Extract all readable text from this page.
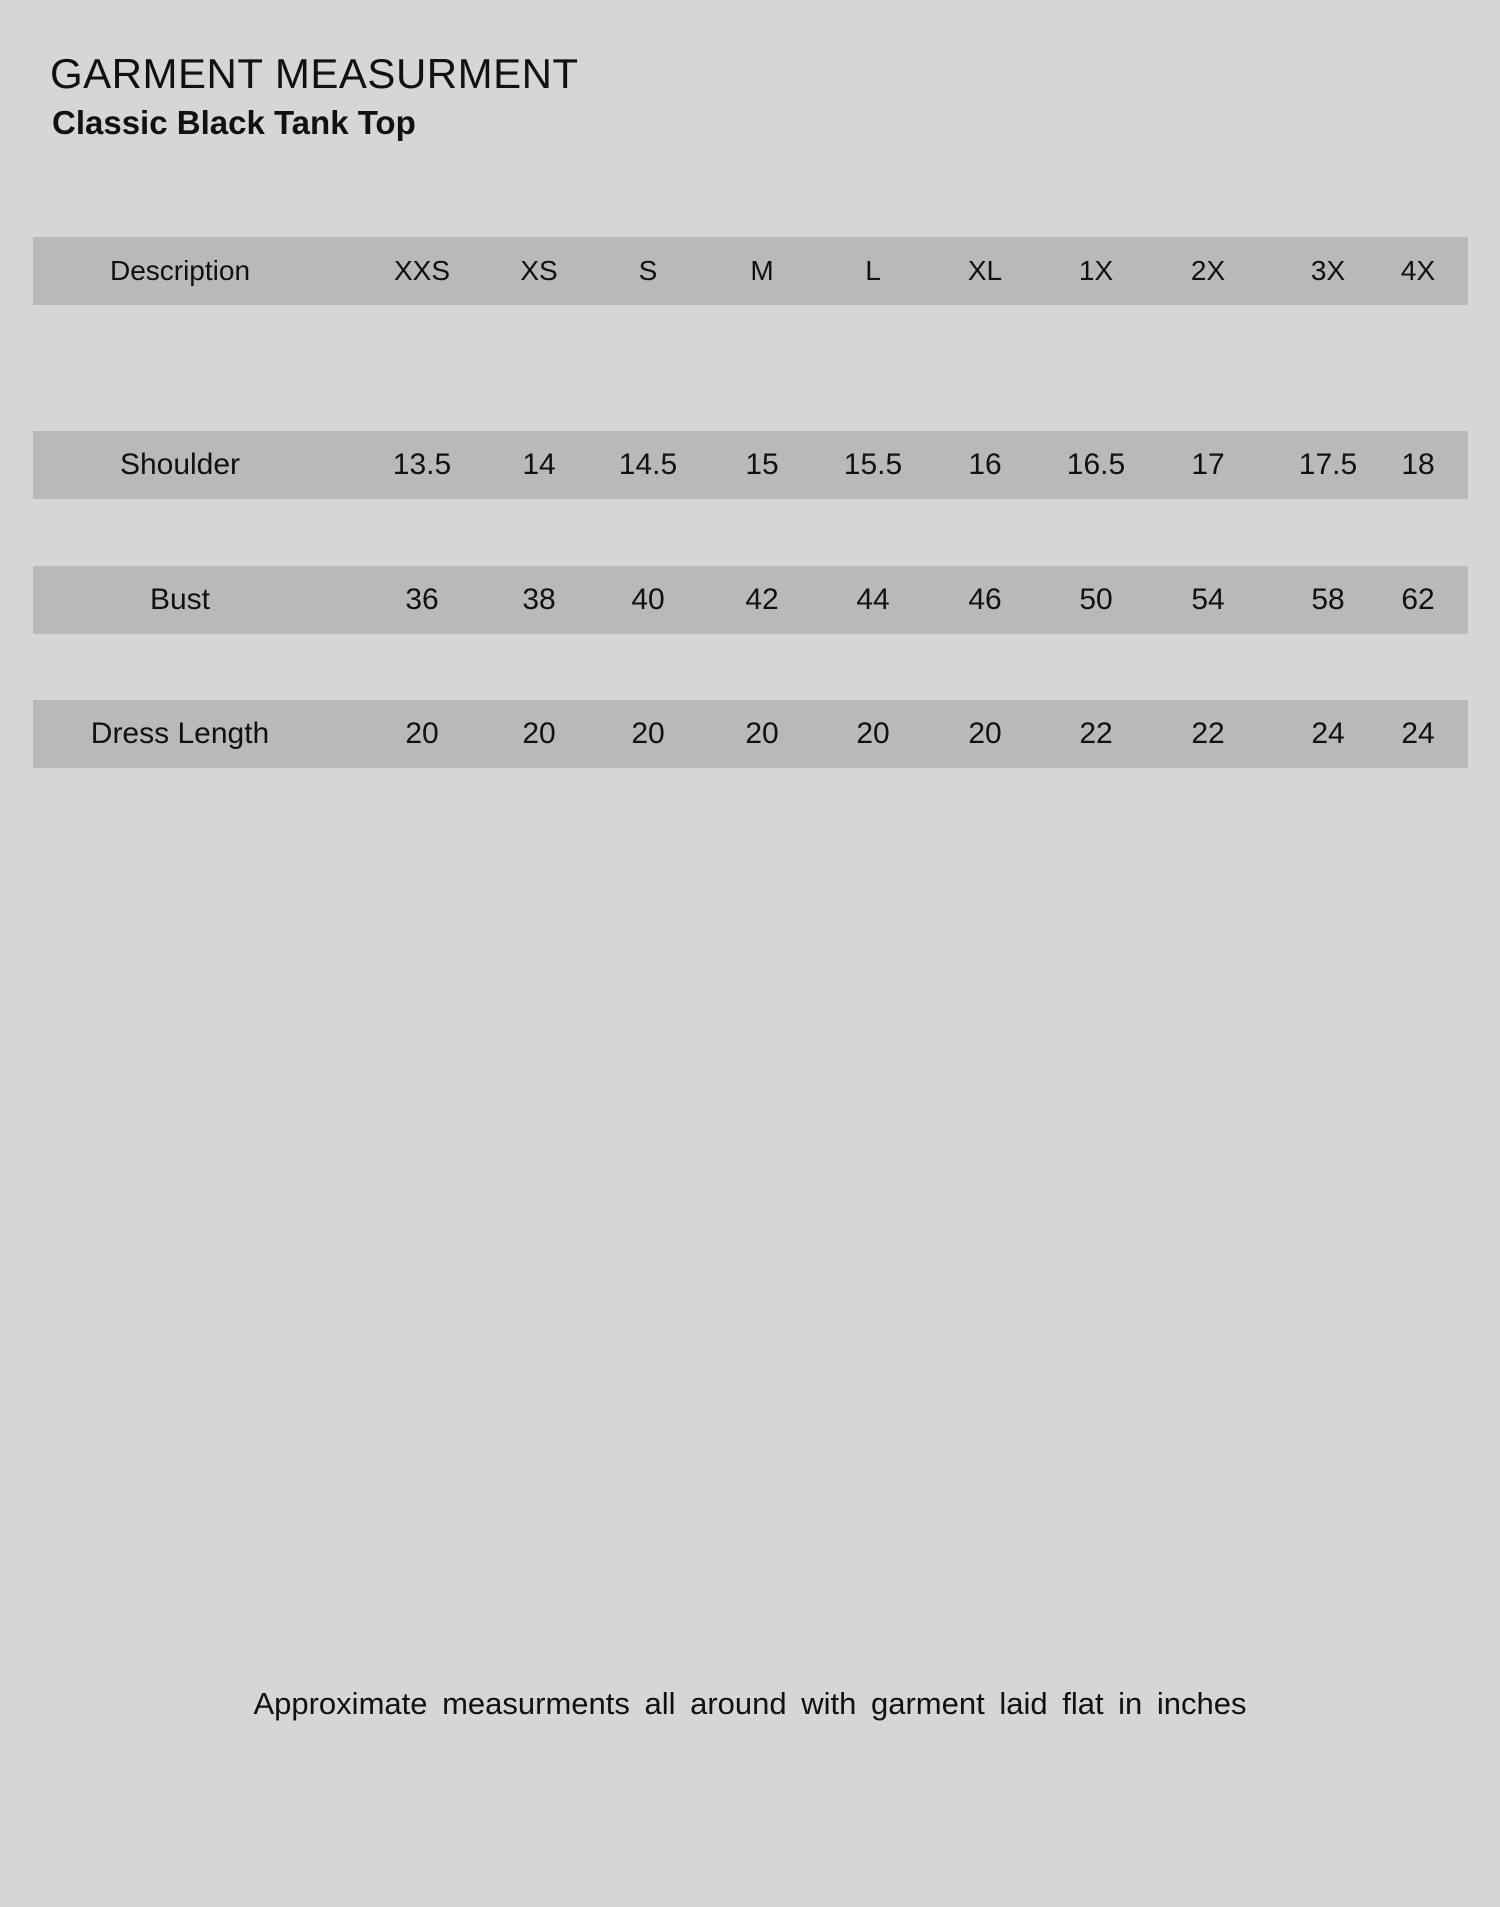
GARMENT MEASURMENT
Classic Black Tank Top
Description	XXS	XS	S	M	L	XL	1X	2X	3X	4X
Shoulder	13.5	14	14.5	15	15.5	16	16.5	17	17.5	18
Bust	36	38	40	42	44	46	50	54	58	62
Dress Length	20	20	20	20	20	20	22	22	24	24

Approximate measurments all around with garment laid flat in inches
